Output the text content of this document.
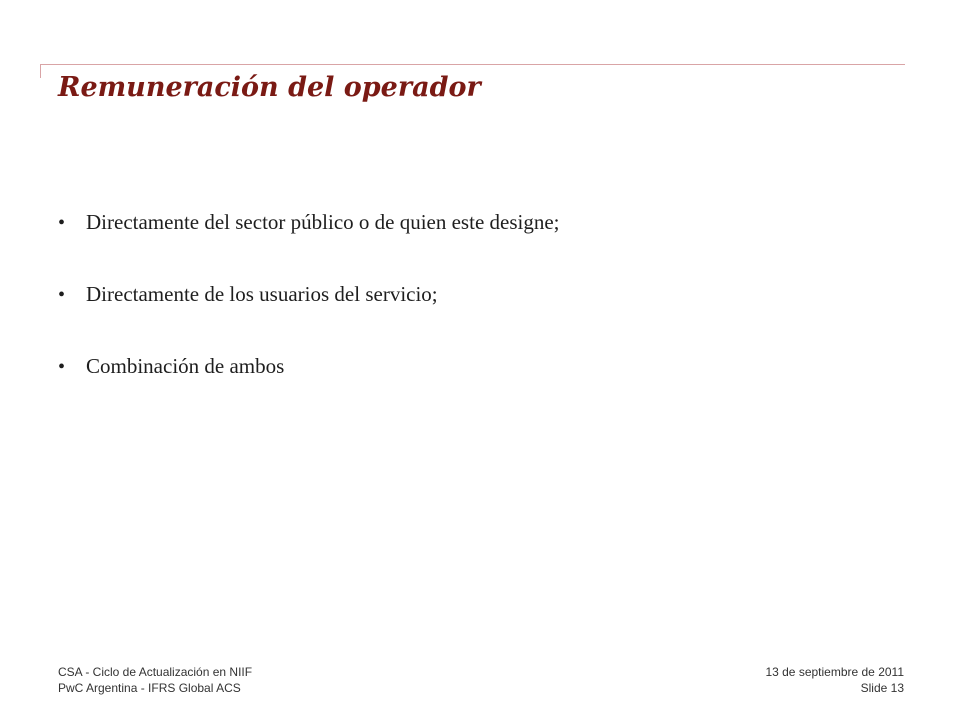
Remuneración del operador
• Directamente del sector público o de quien este designe;
• Directamente de los usuarios del servicio;
• Combinación de ambos
CSA - Ciclo de Actualización en NIIF
PwC Argentina - IFRS Global ACS
13 de septiembre de 2011
Slide 13
